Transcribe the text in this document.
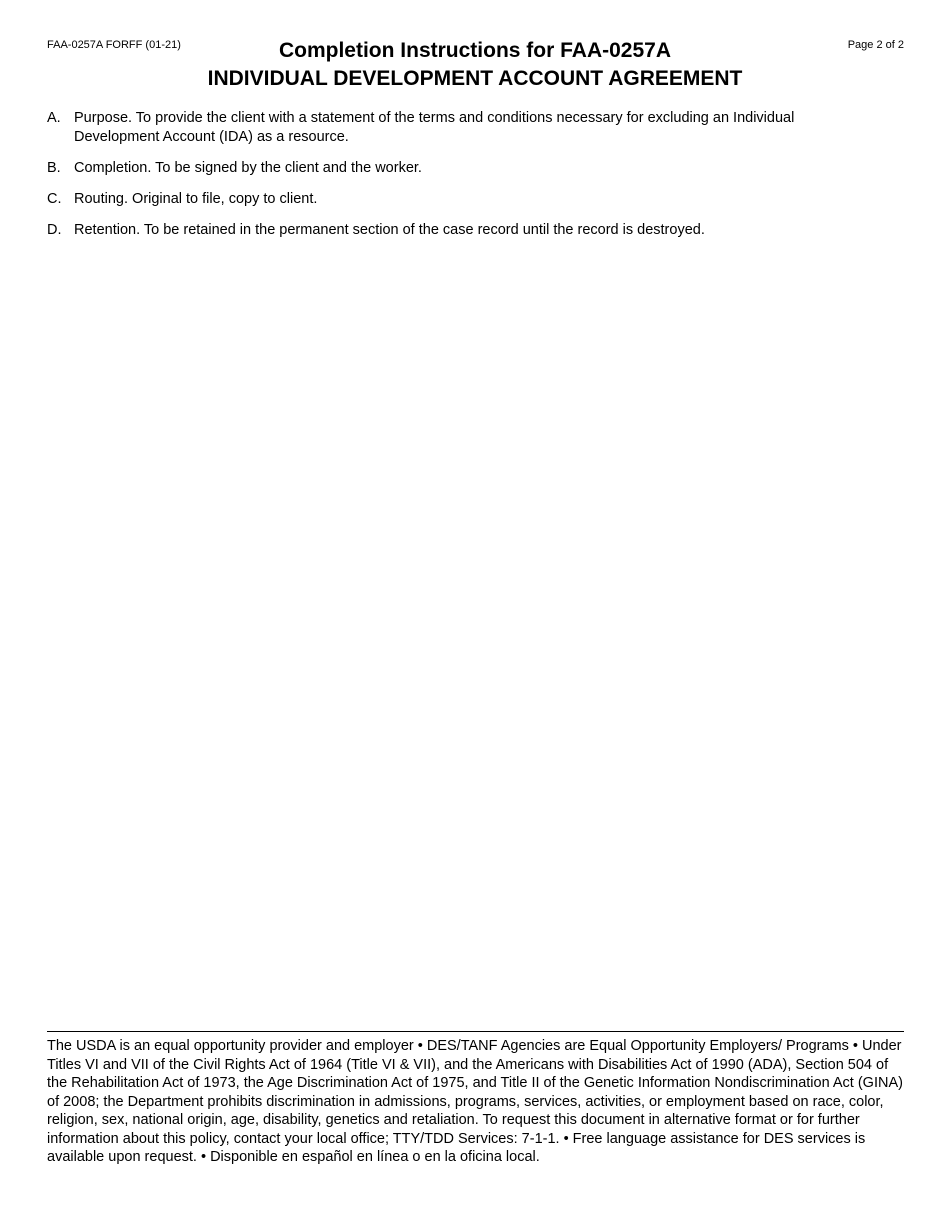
FAA-0257A FORFF (01-21)	Page 2 of 2
Completion Instructions for FAA-0257A
INDIVIDUAL DEVELOPMENT ACCOUNT AGREEMENT
A. Purpose. To provide the client with a statement of the terms and conditions necessary for excluding an Individual Development Account (IDA) as a resource.
B. Completion. To be signed by the client and the worker.
C. Routing. Original to file, copy to client.
D. Retention. To be retained in the permanent section of the case record until the record is destroyed.

The USDA is an equal opportunity provider and employer • DES/TANF Agencies are Equal Opportunity Employers/ Programs • Under Titles VI and VII of the Civil Rights Act of 1964 (Title VI & VII), and the Americans with Disabilities Act of 1990 (ADA), Section 504 of the Rehabilitation Act of 1973, the Age Discrimination Act of 1975, and Title II of the Genetic Information Nondiscrimination Act (GINA) of 2008; the Department prohibits discrimination in admissions, programs, services, activities, or employment based on race, color, religion, sex, national origin, age, disability, genetics and retaliation. To request this document in alternative format or for further information about this policy, contact your local office; TTY/TDD Services: 7-1-1. • Free language assistance for DES services is available upon request. • Disponible en español en línea o en la oficina local.
